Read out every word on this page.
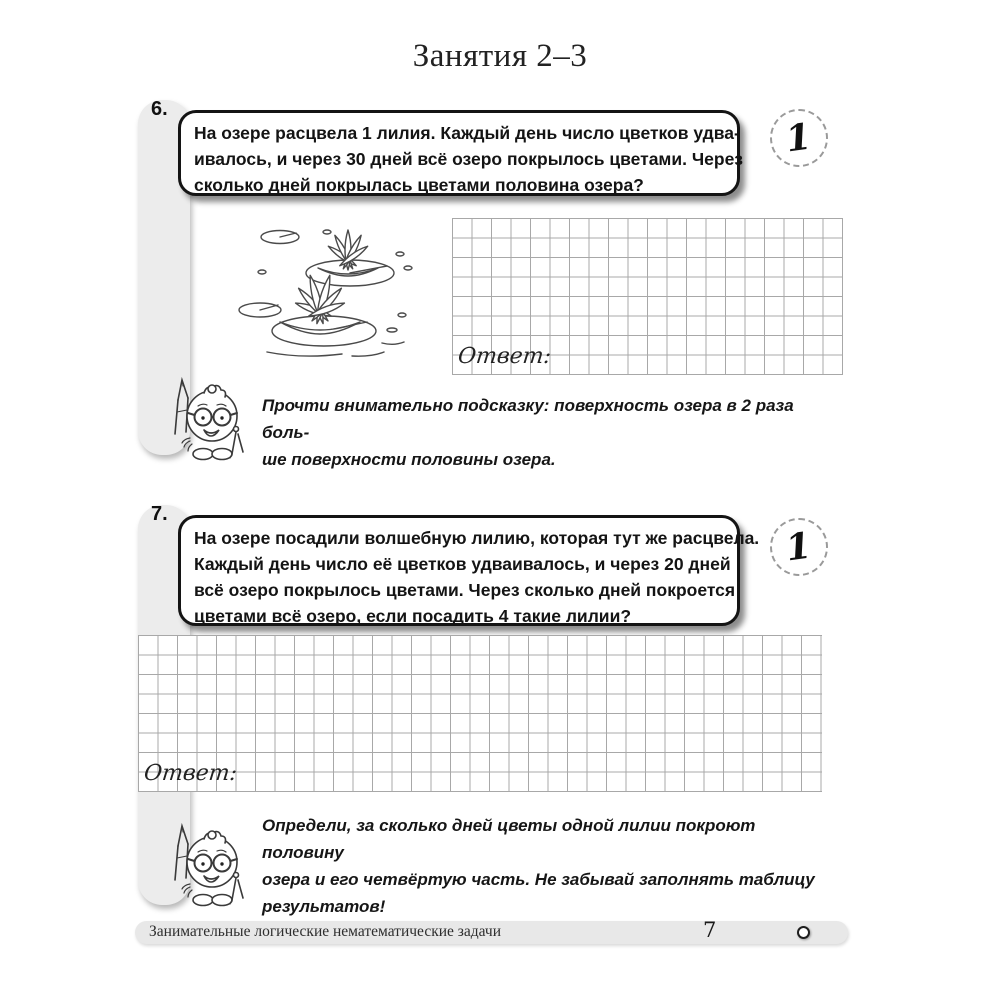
Занятия 2–3
6.
На озере расцвела 1 лилия. Каждый день число цветков удва-
ивалось, и через 30 дней всё озеро покрылось цветами. Через
сколько дней покрылась цветами половина озера?
1
Ответ:
Прочти внимательно подсказку: поверхность озера в 2 раза боль-
ше поверхности половины озера.
7.
На озере посадили волшебную лилию, которая тут же расцвела.
Каждый день число её цветков удваивалось, и через 20 дней
всё озеро покрылось цветами. Через сколько дней покроется
цветами всё озеро, если посадить 4 такие лилии?
1
Ответ:
Определи, за сколько дней цветы одной лилии покроют половину
озера и его четвёртую часть. Не забывай заполнять таблицу
результатов!
Занимательные логические нематематические задачи	7
